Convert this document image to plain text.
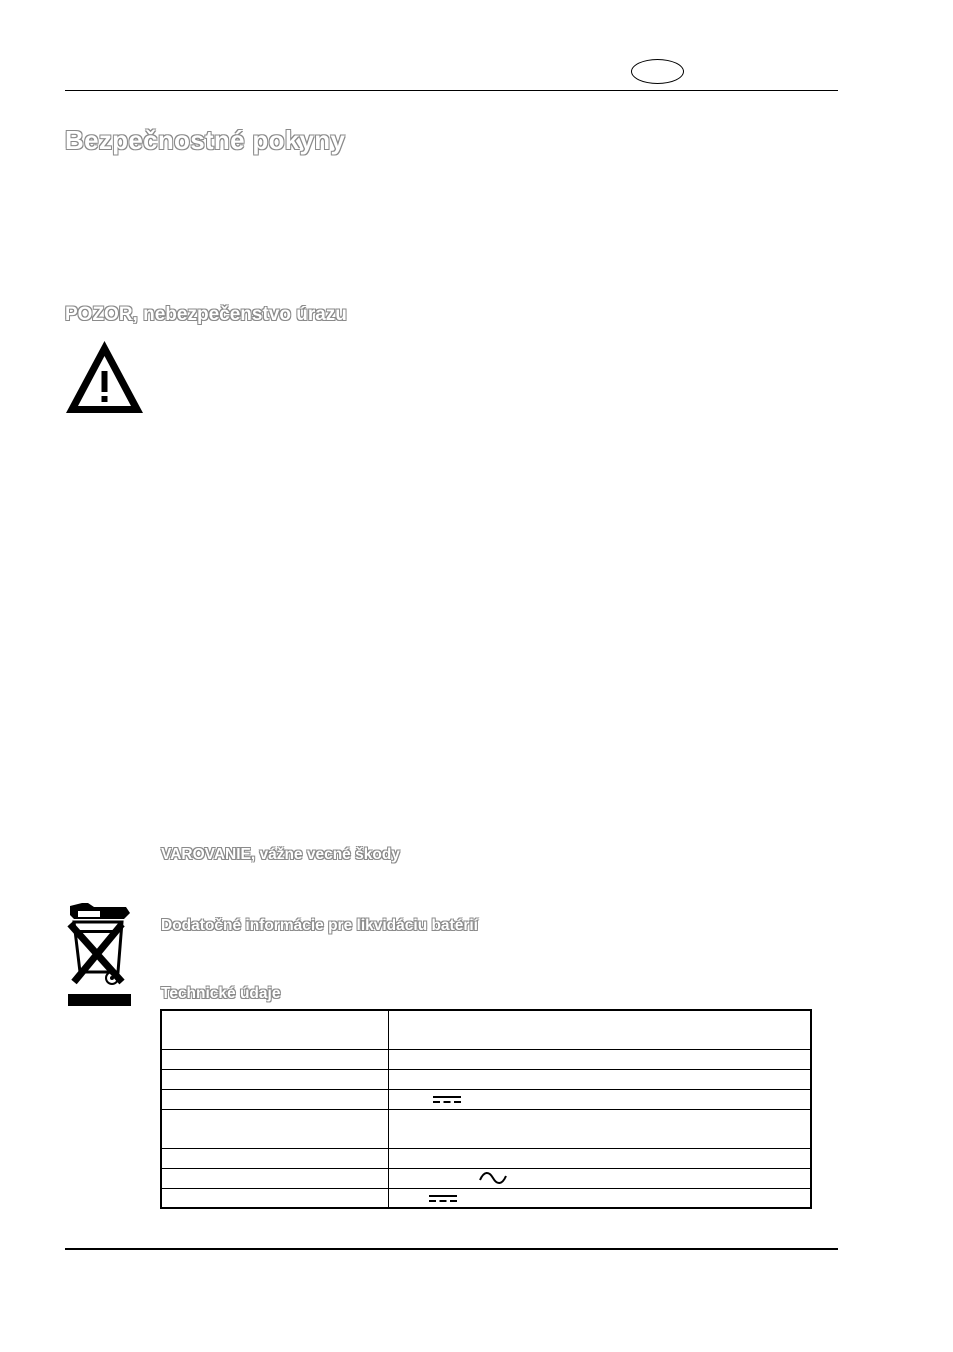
Bezpečnostné pokyny
POZOR, nebezpečenstvo úrazu
VAROVANIE, vážne vecné škody
Dodatočné informácie pre likvidáciu batérií
Technické údaje
